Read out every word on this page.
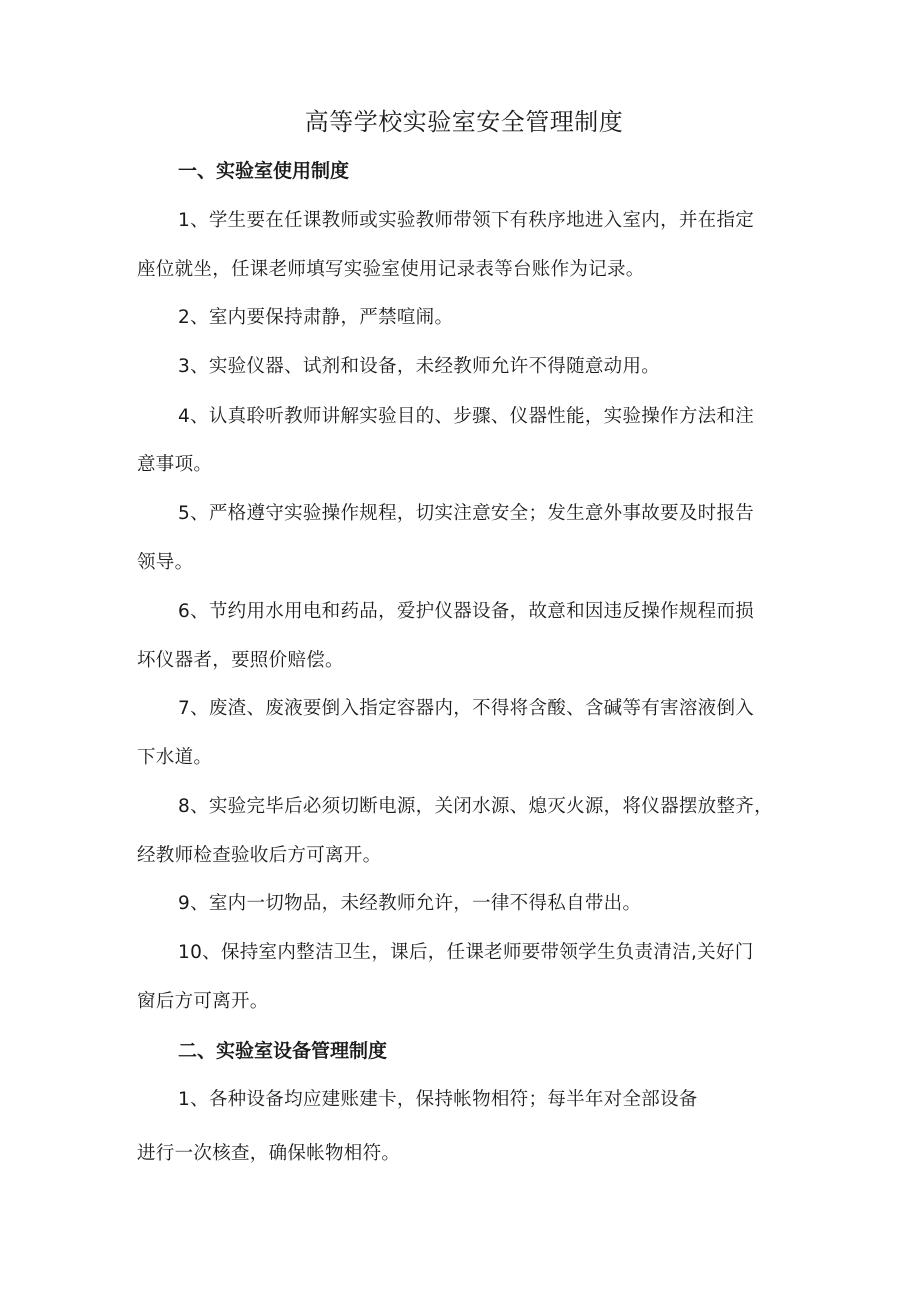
高等学校实验室安全管理制度
一、实验室使用制度
1、学生要在任课教师或实验教师带领下有秩序地进入室内，并在指定
座位就坐，任课老师填写实验室使用记录表等台账作为记录。
2、室内要保持肃静，严禁喧闹。
3、实验仪器、试剂和设备，未经教师允许不得随意动用。
4、认真聆听教师讲解实验目的、步骤、仪器性能，实验操作方法和注
意事项。
5、严格遵守实验操作规程，切实注意安全；发生意外事故要及时报告
领导。
6、节约用水用电和药品，爱护仪器设备，故意和因违反操作规程而损
坏仪器者，要照价赔偿。
7、废渣、废液要倒入指定容器内，不得将含酸、含碱等有害溶液倒入
下水道。
8、实验完毕后必须切断电源，关闭水源、熄灭火源，将仪器摆放整齐，
经教师检查验收后方可离开。
9、室内一切物品，未经教师允许，一律不得私自带出。
10、保持室内整洁卫生，课后，任课老师要带领学生负责清洁,关好门
窗后方可离开。
二、实验室设备管理制度
1、各种设备均应建账建卡，保持帐物相符；每半年对全部设备
进行一次核查，确保帐物相符。
